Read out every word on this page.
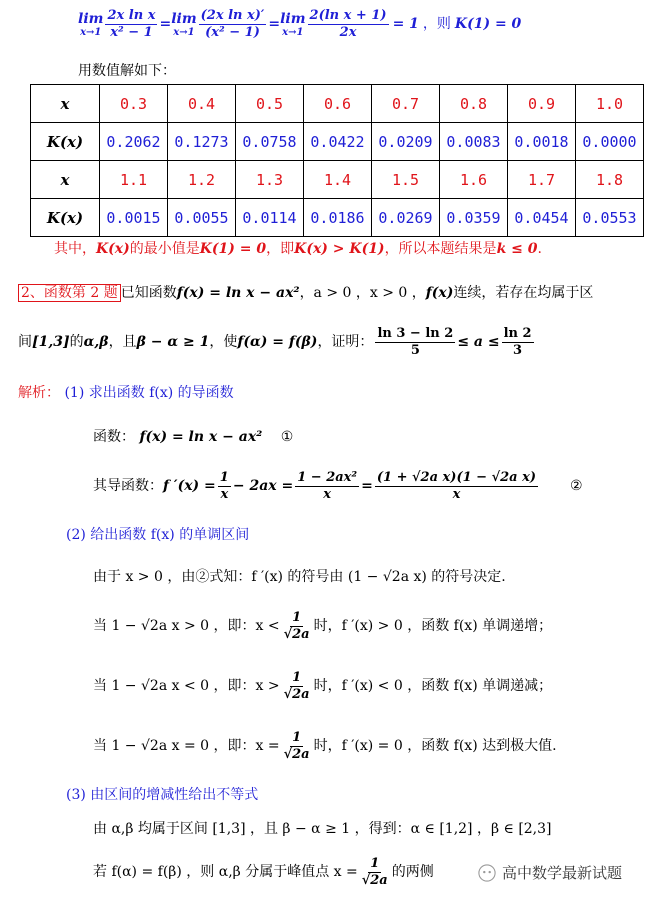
lim
$x\to 1 \frac{\text{2x ln x}}{\text{x² − 1}} = \lim$
$x\to 1 \frac{\text{(2x ln x)′}}{\text{(x² − 1)}} = \lim$
$x\to 1 \frac{\text{2(ln x + 1)}}{2x} = 1$ ，则 K(1) = 0
用数值解如下：
x	0.3	0.4	0.5	0.6	0.7	0.8	0.9	1.0
K(x)	0.2062	0.1273	0.0758	0.0422	0.0209	0.0083	0.0018	0.0000
x	1.1	1.2	1.3	1.4	1.5	1.6	1.7	1.8
K(x)	0.0015	0.0055	0.0114	0.0186	0.0269	0.0359	0.0454	0.0553
其中，K(x)的最小值是K(1) = 0，即K(x) > K(1)，所以本题结果是k ≤ 0.
2、函数第 2 题 已知函数f(x) = ln x − ax²，a > 0 ，x > 0 ，f(x)连续，若存在均属于区
间 [1,3] 的 α,β ，且 β − α ≥ 1 ，使 f(α) = f(β) ，证明： $\frac{\ln 3 - \ln 2}{5} \le a \le \frac{\ln 2}{3}$
解析： (1) 求出函数 f(x) 的导函数
函数： f(x) = ln x − ax² ①
其导函数： f $'(x) = \frac{1}{x} - 2ax = \frac{\text{1 − 2ax²}}{x} = \frac{\text{(1 + √2a x)(1 − √2a x)}}{x}$ ②
(2) 给出函数 f(x) 的单调区间
由于 x > 0 ，由②式知：f ′(x) 的符号由 (1 − √2a x) 的符号决定.
当 1 − √2a x > 0 ，即：$x < \frac{1}{√2a}$ 时，f ′(x) > 0 ，函数 f(x) 单调递增；
当 1 − √2a x < 0 ，即：$x > \frac{1}{√2a}$ 时，f ′(x) < 0 ，函数 f(x) 单调递减；
当 1 − √2a x = 0 ，即：$x = \frac{1}{√2a}$ 时，f ′(x) = 0 ，函数 f(x) 达到极大值.
(3) 由区间的增减性给出不等式
由 α,β 均属于区间 [1,3] ，且 β − α ≥ 1 ，得到：α ∈ [1,2] ，β ∈ [2,3]
若 f(α) = f(β) ，则 α,β 分属于峰值点 $x = \frac{1}{√2a}$ 的两侧	高中数学最新试题
